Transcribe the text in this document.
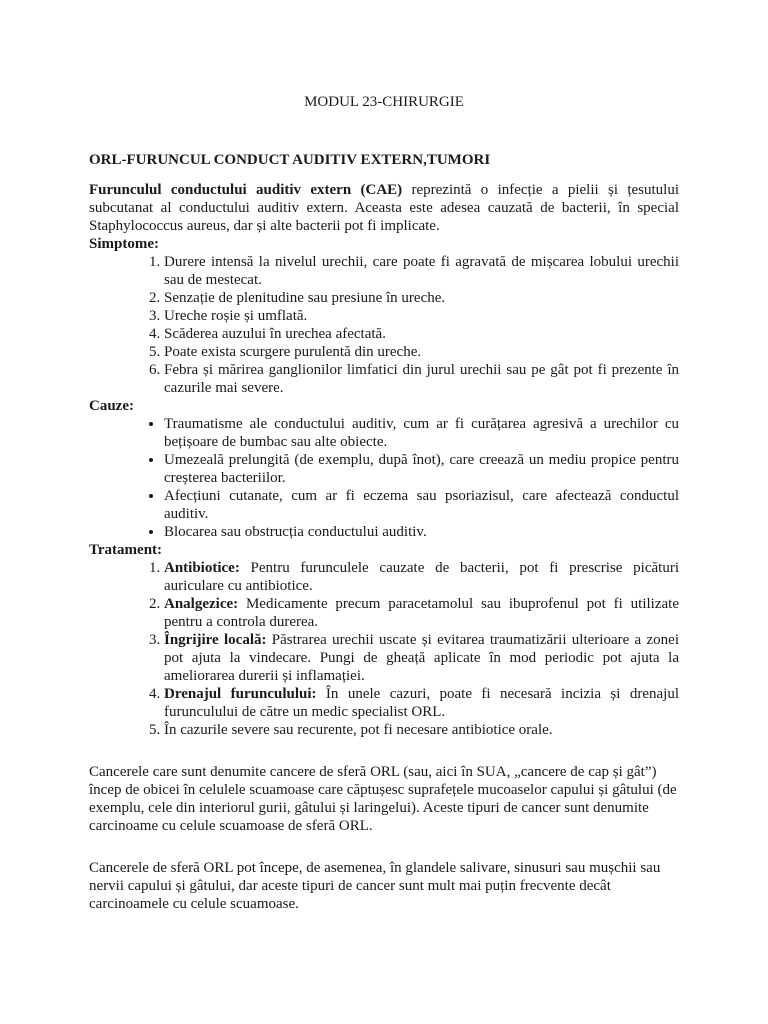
MODUL 23-CHIRURGIE
ORL-FURUNCUL CONDUCT AUDITIV EXTERN,TUMORI

Furunculul conductului auditiv extern (CAE) reprezintă o infecție a pielii și țesutului subcutanat al conductului auditiv extern. Aceasta este adesea cauzată de bacterii, în special Staphylococcus aureus, dar și alte bacterii pot fi implicate.

Simptome:

1. Durere intensă la nivelul urechii, care poate fi agravată de mișcarea lobului urechii sau de mestecat.
2. Senzație de plenitudine sau presiune în ureche.
3. Ureche roșie și umflată.
4. Scăderea auzului în urechea afectată.
5. Poate exista scurgere purulentă din ureche.
6. Febra și mărirea ganglionilor limfatici din jurul urechii sau pe gât pot fi prezente în cazurile mai severe.

Cauze:

• Traumatisme ale conductului auditiv, cum ar fi curățarea agresivă a urechilor cu bețișoare de bumbac sau alte obiecte.
• Umezeală prelungită (de exemplu, după înot), care creează un mediu propice pentru creșterea bacteriilor.
• Afecțiuni cutanate, cum ar fi eczema sau psoriazisul, care afectează conductul auditiv.
• Blocarea sau obstrucția conductului auditiv.

Tratament:

1. Antibiotice: Pentru furunculele cauzate de bacterii, pot fi prescrise picături auriculare cu antibiotice.
2. Analgezice: Medicamente precum paracetamolul sau ibuprofenul pot fi utilizate pentru a controla durerea.
3. Îngrijire locală: Păstrarea urechii uscate și evitarea traumatizării ulterioare a zonei pot ajuta la vindecare. Pungi de gheață aplicate în mod periodic pot ajuta la ameliorarea durerii și inflamației.
4. Drenajul furunculului: În unele cazuri, poate fi necesară incizia și drenajul furunculului de către un medic specialist ORL.
5. În cazurile severe sau recurente, pot fi necesare antibiotice orale.

Cancerele care sunt denumite cancere de sferă ORL (sau, aici în SUA, „cancere de cap și gât”) încep de obicei în celulele scuamoase care căptușesc suprafețele mucoaselor capului și gâtului (de exemplu, cele din interiorul gurii, gâtului și laringelui). Aceste tipuri de cancer sunt denumite carcinoame cu celule scuamoase de sferă ORL.

Cancerele de sferă ORL pot începe, de asemenea, în glandele salivare, sinusuri sau mușchii sau nervii capului și gâtului, dar aceste tipuri de cancer sunt mult mai puțin frecvente decât carcinoamele cu celule scuamoase.
